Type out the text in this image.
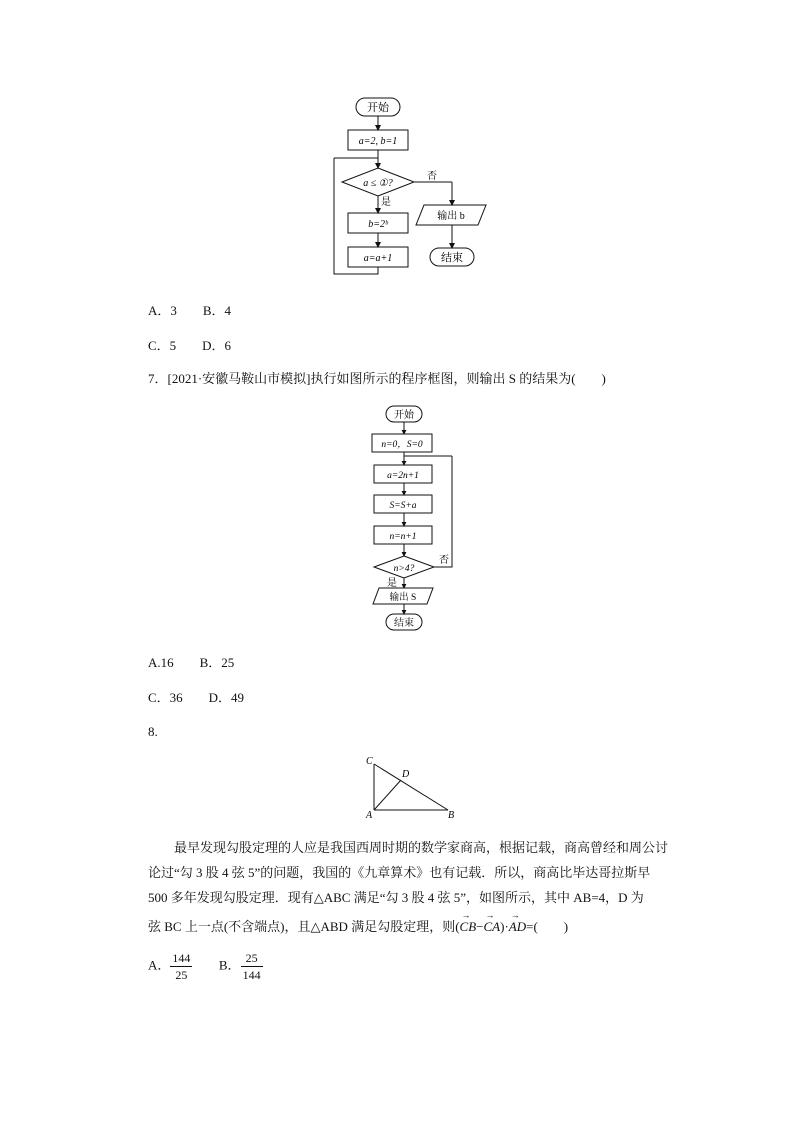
开始
a=2, b=1
a ≤ ①?
否
是
b=2ᵇ
a=a+1
输出 b
结束
A．3　　B．4
C．5　　D．6
7．[2021·安徽马鞍山市模拟]执行如图所示的程序框图，则输出 S 的结果为(　　)
开始
n=0，S=0
a=2n+1
S=S+a
n=n+1
n>4?
否
是
输出 S
结束
A.16　　B．25
C．36　　D．49
8.
C
D
A	B
最早发现勾股定理的人应是我国西周时期的数学家商高，根据记载，商高曾经和周公讨
论过“勾 3 股 4 弦 5”的问题，我国的《九章算术》也有记载．所以，商高比毕达哥拉斯早
500 多年发现勾股定理．现有△ABC 满足“勾 3 股 4 弦 5”，如图所示，其中 AB=4，D 为
弦 BC 上一点(不含端点)，且△ABD 满足勾股定理，则(→ CB−→ CA)·→ AD=(　　)
A． $\frac{144}{25}$ B． $\frac{25}{144}$
